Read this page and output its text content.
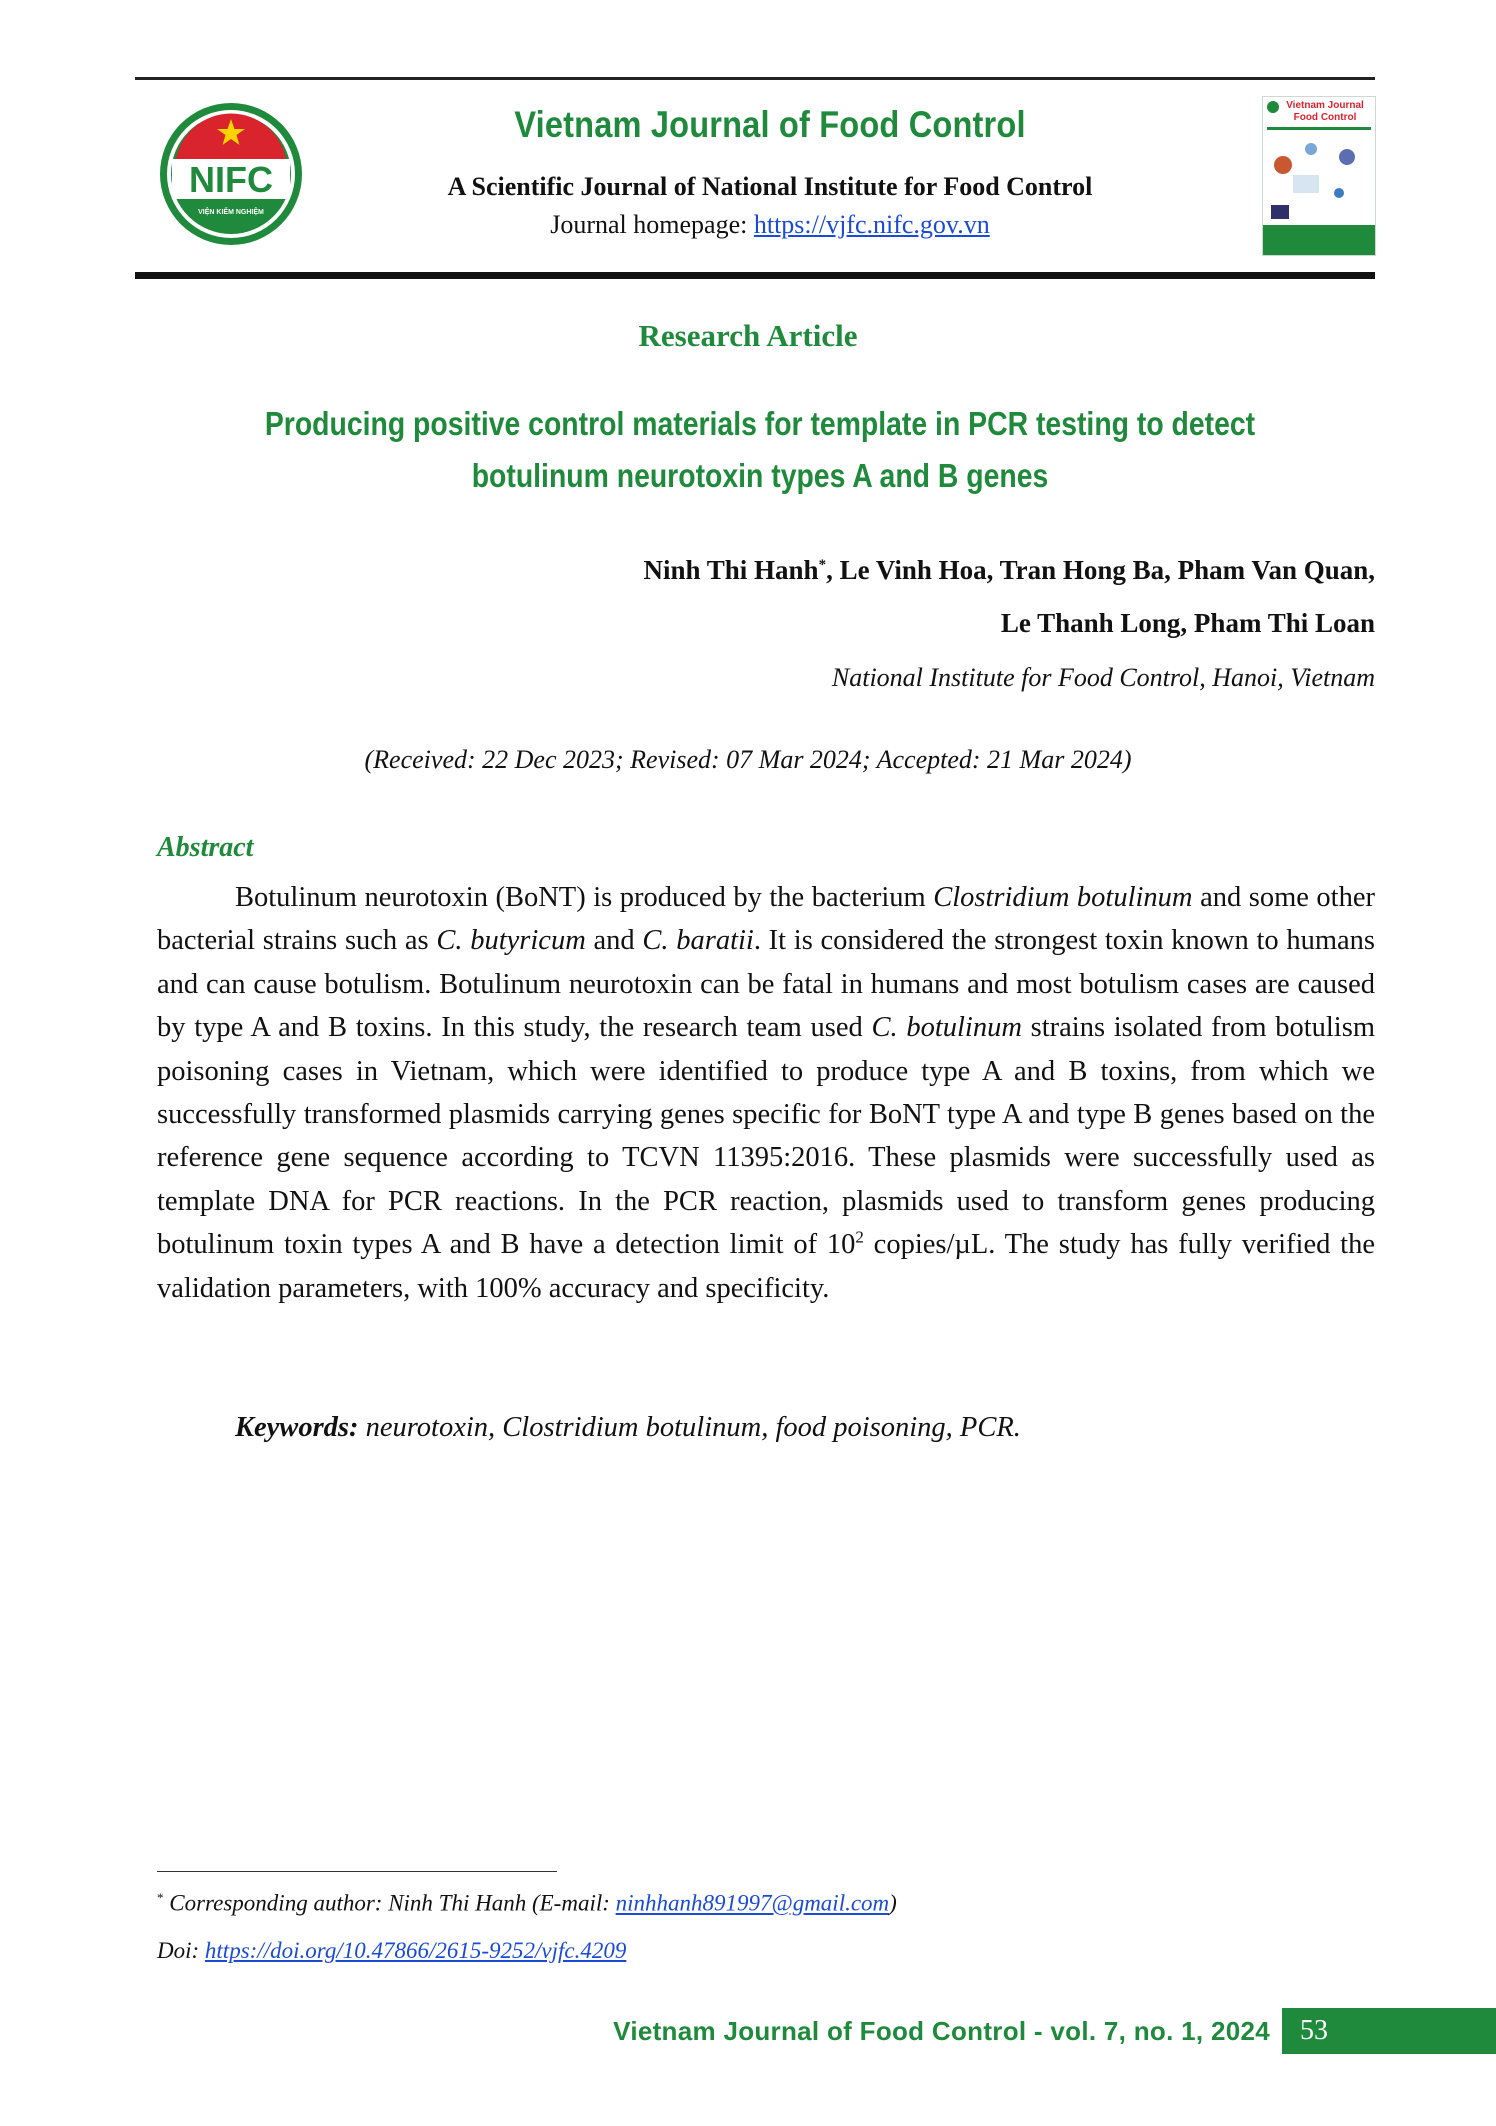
NIFC
VIỆN KIỂM NGHIỆM
Vietnam Journal of Food Control
A Scientific Journal of National Institute for Food Control
Journal homepage: https://vjfc.nifc.gov.vn
Vietnam Journal
Food Control
Research Article
Producing positive control materials for template in PCR testing to detect
botulinum neurotoxin types A and B genes
Ninh Thi Hanh*, Le Vinh Hoa, Tran Hong Ba, Pham Van Quan,
Le Thanh Long, Pham Thi Loan
National Institute for Food Control, Hanoi, Vietnam
(Received: 22 Dec 2023; Revised: 07 Mar 2024; Accepted: 21 Mar 2024)
Abstract

Botulinum neurotoxin (BoNT) is produced by the bacterium Clostridium botulinum and some other bacterial strains such as C. butyricum and C. baratii. It is considered the strongest toxin known to humans and can cause botulism. Botulinum neurotoxin can be fatal in humans and most botulism cases are caused by type A and B toxins. In this study, the research team used C. botulinum strains isolated from botulism poisoning cases in Vietnam, which were identified to produce type A and B toxins, from which we successfully transformed plasmids carrying genes specific for BoNT type A and type B genes based on the reference gene sequence according to TCVN 11395:2016. These plasmids were successfully used as template DNA for PCR reactions. In the PCR reaction, plasmids used to transform genes producing botulinum toxin types A and B have a detection limit of $10^2$ copies/µL. The study has fully verified the validation parameters, with 100% accuracy and specificity.

Keywords: neurotoxin, Clostridium botulinum, food poisoning, PCR.
* Corresponding author: Ninh Thi Hanh (E-mail: ninhhanh891997@gmail.com)
Doi: https://doi.org/10.47866/2615-9252/vjfc.4209
Vietnam Journal of Food Control - vol. 7, no. 1, 2024 53
